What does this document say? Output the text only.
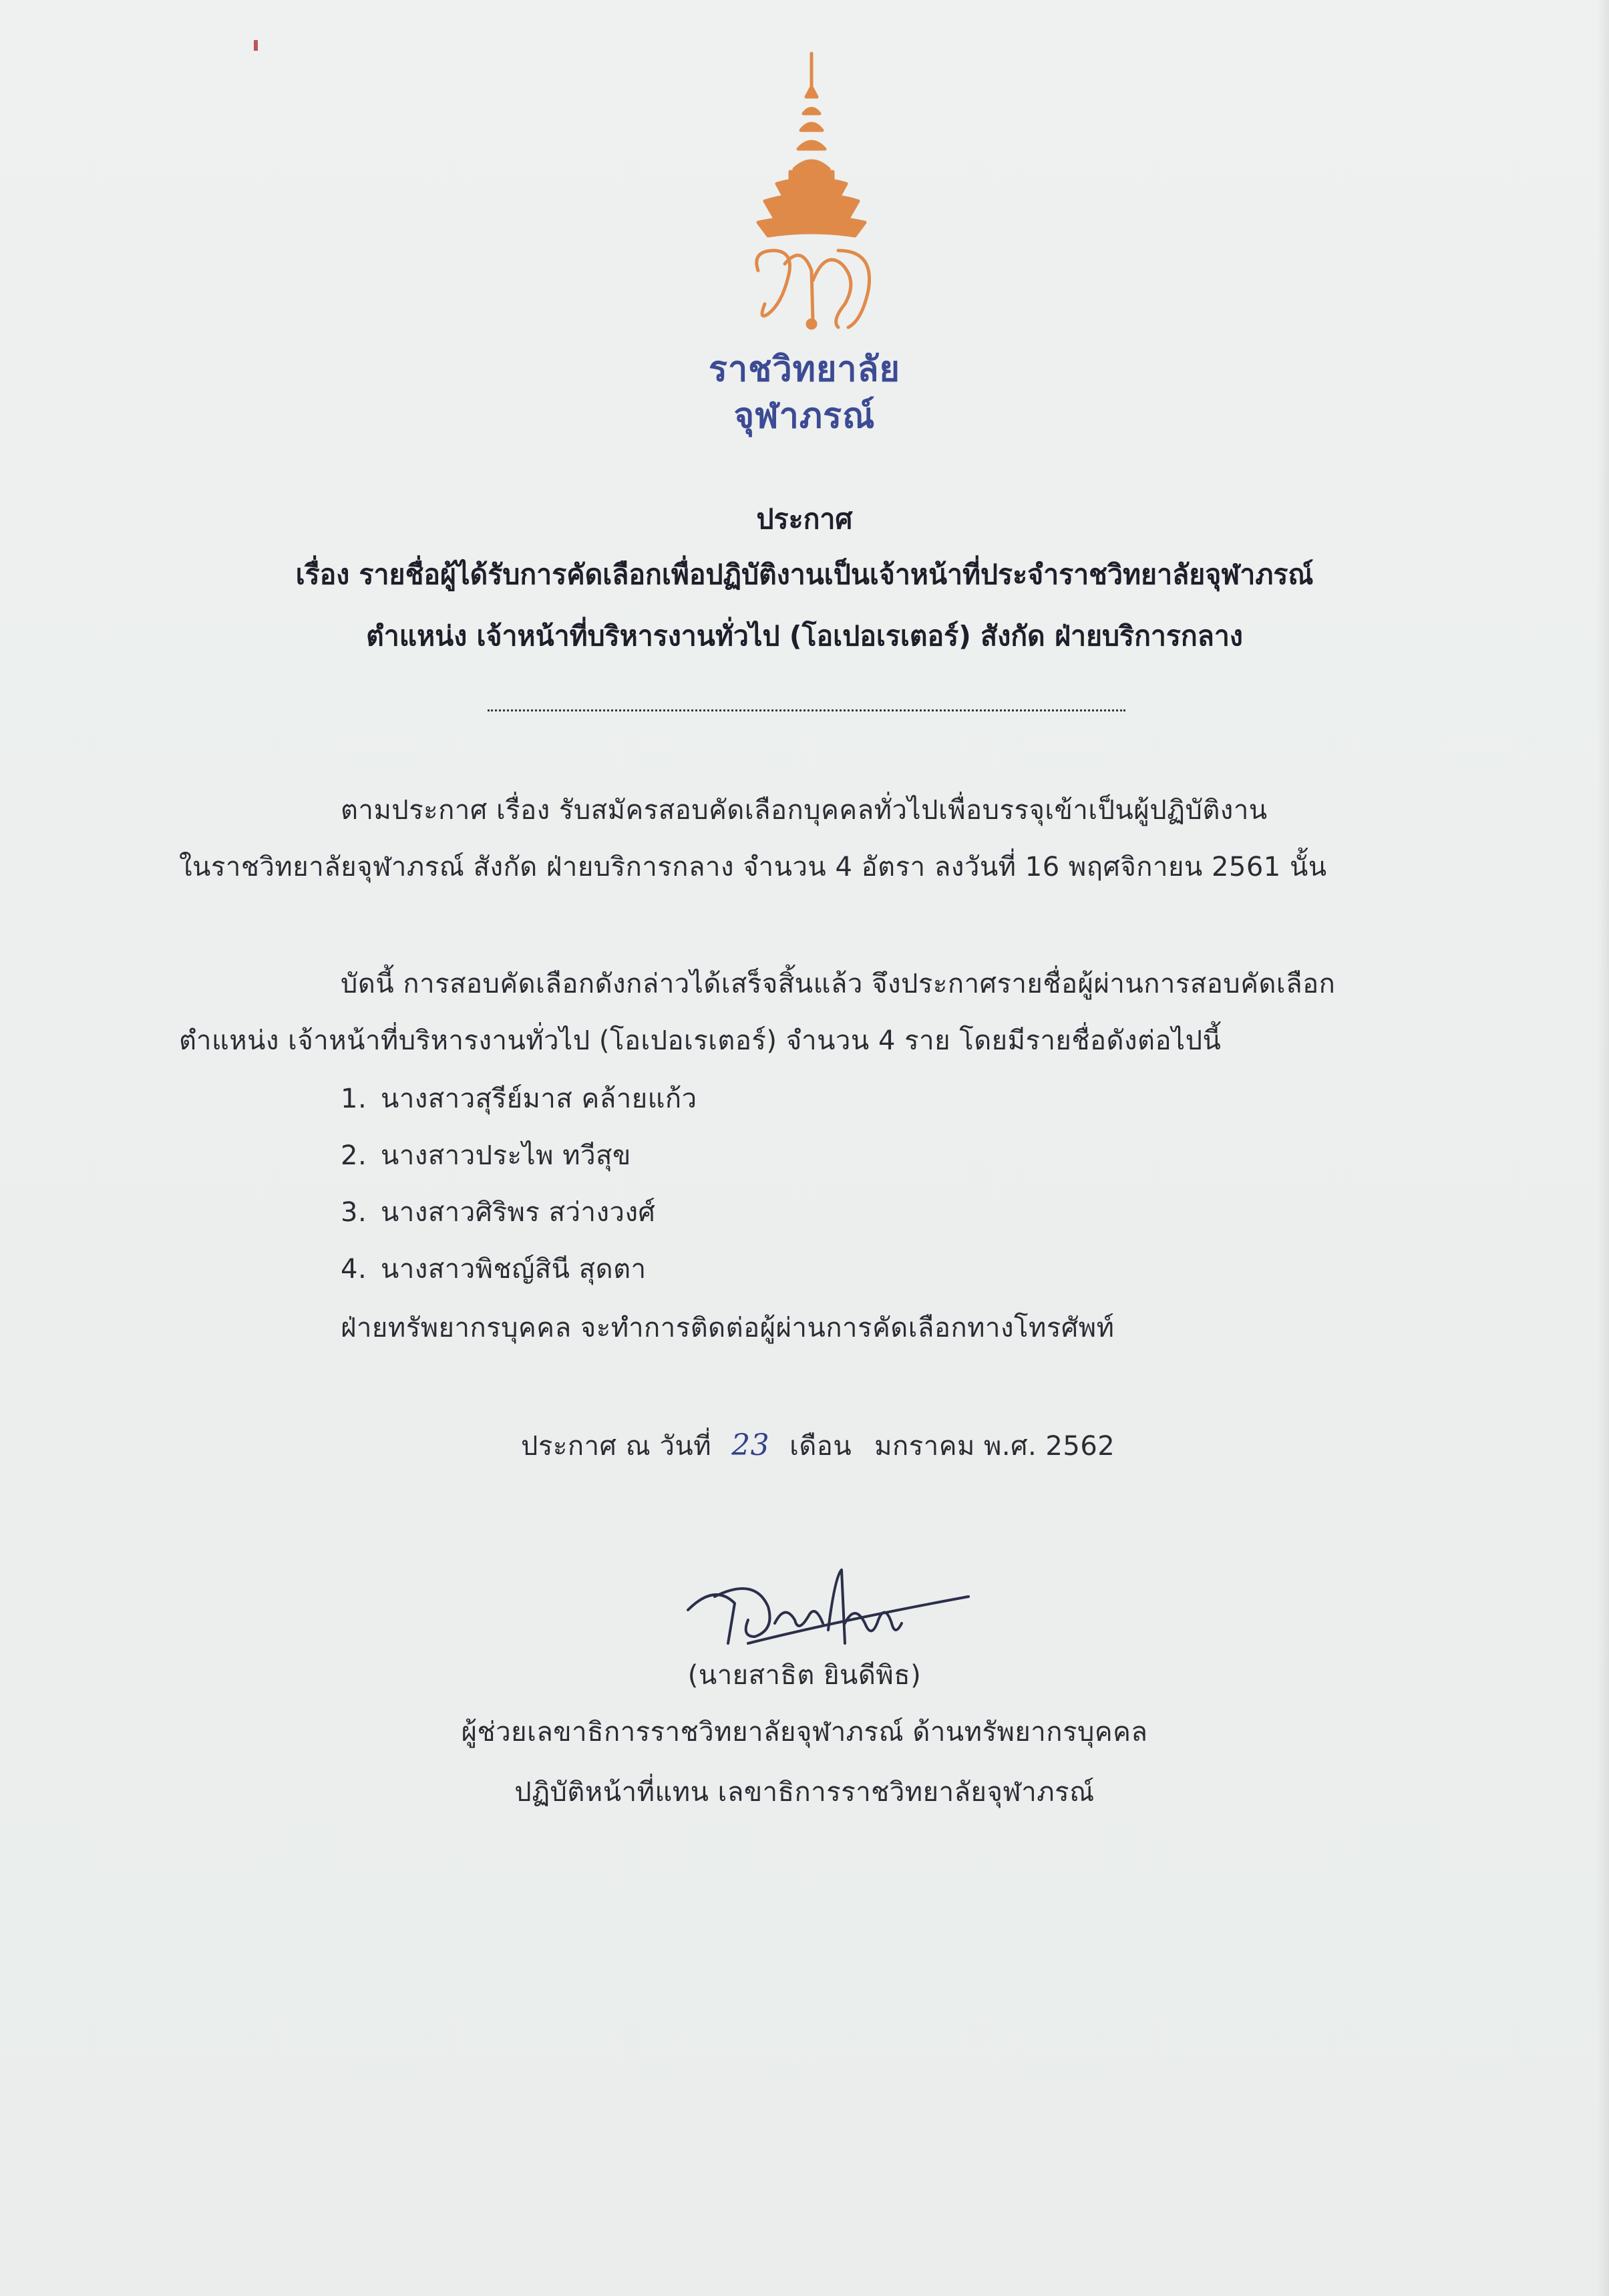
ราชวิทยาลัย
จุฬาภรณ์
ประกาศ
เรื่อง รายชื่อผู้ได้รับการคัดเลือกเพื่อปฏิบัติงานเป็นเจ้าหน้าที่ประจำราชวิทยาลัยจุฬาภรณ์
ตำแหน่ง เจ้าหน้าที่บริหารงานทั่วไป (โอเปอเรเตอร์) สังกัด ฝ่ายบริการกลาง
ตามประกาศ เรื่อง รับสมัครสอบคัดเลือกบุคคลทั่วไปเพื่อบรรจุเข้าเป็นผู้ปฏิบัติงาน
ในราชวิทยาลัยจุฬาภรณ์ สังกัด ฝ่ายบริการกลาง จำนวน 4 อัตรา ลงวันที่ 16 พฤศจิกายน 2561 นั้น
บัดนี้ การสอบคัดเลือกดังกล่าวได้เสร็จสิ้นแล้ว จึงประกาศรายชื่อผู้ผ่านการสอบคัดเลือก
ตำแหน่ง เจ้าหน้าที่บริหารงานทั่วไป (โอเปอเรเตอร์) จำนวน 4 ราย โดยมีรายชื่อดังต่อไปนี้
1. นางสาวสุรีย์มาส คล้ายแก้ว
2. นางสาวประไพ ทวีสุข
3. นางสาวศิริพร สว่างวงศ์
4. นางสาวพิชญ์สินี สุดตา
ฝ่ายทรัพยากรบุคคล จะทำการติดต่อผู้ผ่านการคัดเลือกทางโทรศัพท์
ประกาศ ณ วันที่ 23 เดือน มกราคม พ.ศ. 2562
(นายสาธิต ยินดีพิธ)
ผู้ช่วยเลขาธิการราชวิทยาลัยจุฬาภรณ์ ด้านทรัพยากรบุคคล
ปฏิบัติหน้าที่แทน เลขาธิการราชวิทยาลัยจุฬาภรณ์
